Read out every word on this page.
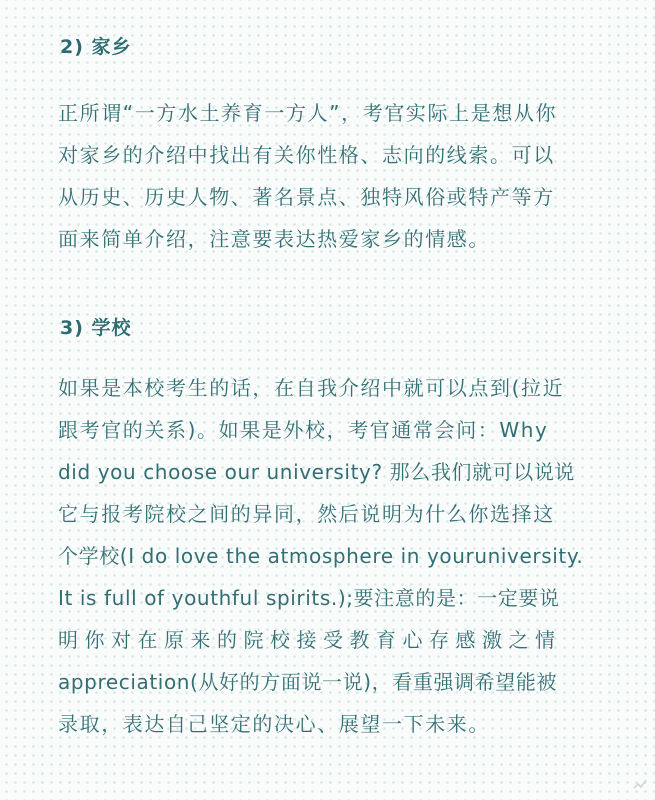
2) 家乡
正所谓“一方水土养育一方人”，考官实际上是想从你
对家乡的介绍中找出有关你性格、志向的线索。可以
从历史、历史人物、著名景点、独特风俗或特产等方
面来简单介绍，注意要表达热爱家乡的情感。
3) 学校
如果是本校考生的话，在自我介绍中就可以点到(拉近
跟考官的关系)。如果是外校，考官通常会问：Why
did you choose our university? 那么我们就可以说说
它与报考院校之间的异同，然后说明为什么你选择这
个学校(I do love the atmosphere in youruniversity.
It is full of youthful spirits.);要注意的是：一定要说
明你对在原来的院校接受教育心存感激之情
appreciation(从好的方面说一说)，看重强调希望能被
录取，表达自己坚定的决心、展望一下未来。
